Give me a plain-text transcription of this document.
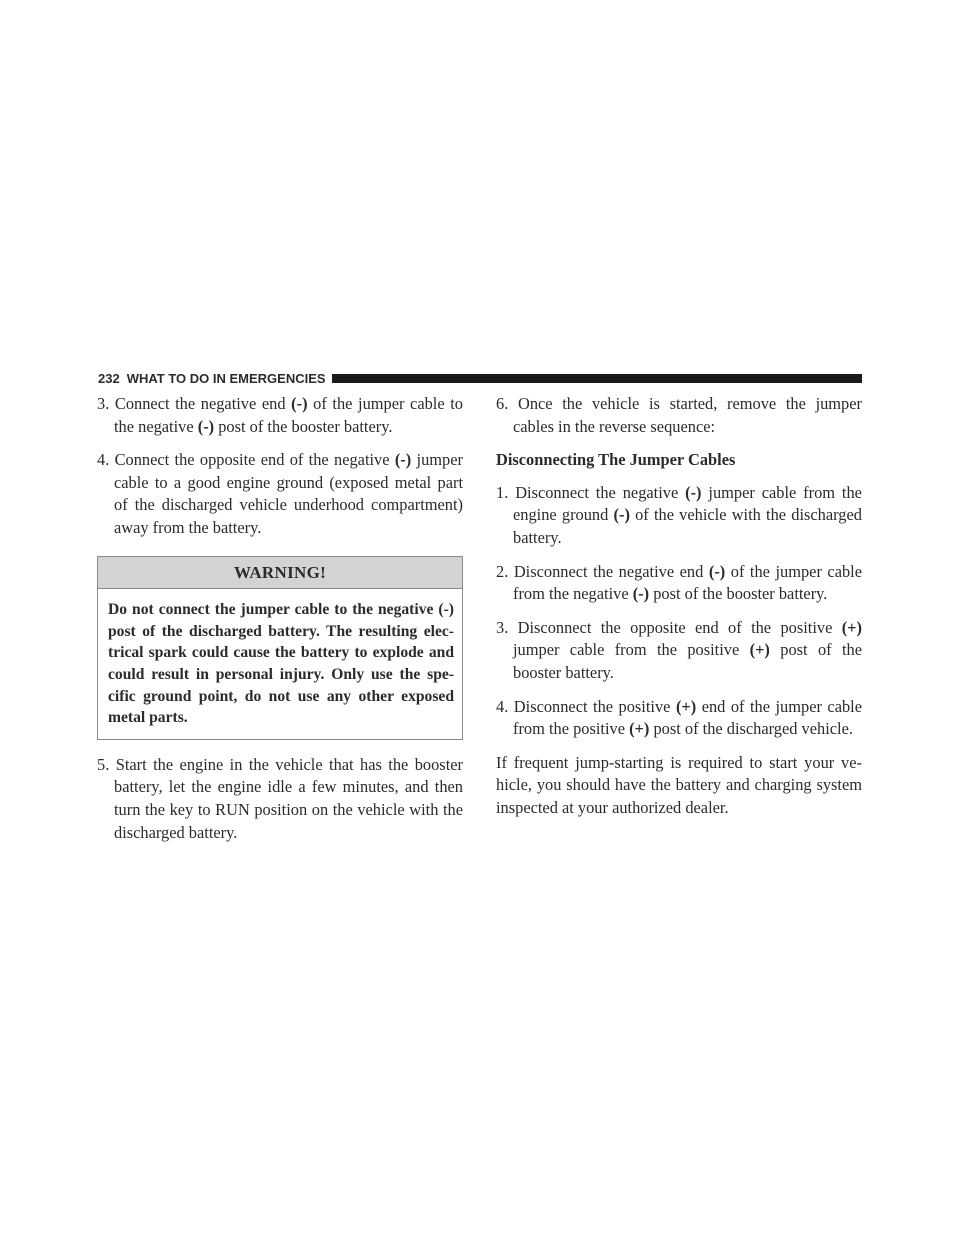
232 WHAT TO DO IN EMERGENCIES

3. Connect the negative end (-) of the jumper cable to the negative (-) post of the booster battery.

4. Connect the opposite end of the negative (-) jumper cable to a good engine ground (exposed metal part of the discharged vehicle underhood compartment) away from the battery.

WARNING!
Do not connect the jumper cable to the negative (-) post of the discharged battery. The resulting elec- trical spark could cause the battery to explode and could result in personal injury. Only use the spe- cific ground point, do not use any other exposed metal parts.

5. Start the engine in the vehicle that has the booster battery, let the engine idle a few minutes, and then turn the key to RUN position on the vehicle with the discharged battery.

6. Once the vehicle is started, remove the jumper cables in the reverse sequence:

Disconnecting The Jumper Cables

1. Disconnect the negative (-) jumper cable from the engine ground (-) of the vehicle with the discharged battery.

2. Disconnect the negative end (-) of the jumper cable from the negative (-) post of the booster battery.

3. Disconnect the opposite end of the positive (+) jumper cable from the positive (+) post of the booster battery.

4. Disconnect the positive (+) end of the jumper cable from the positive (+) post of the discharged vehicle.

If frequent jump-starting is required to start your ve- hicle, you should have the battery and charging system inspected at your authorized dealer.
